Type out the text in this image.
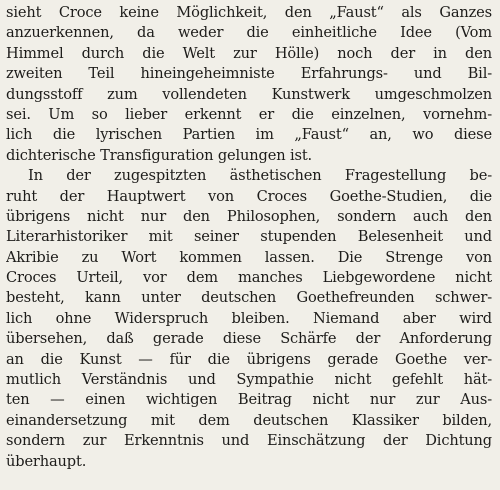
sieht Croce keine Möglichkeit, den „Faust“ als Ganzes
anzuerkennen, da weder die einheitliche Idee (Vom
Himmel durch die Welt zur Hölle) noch der in den
zweiten Teil hineingeheimniste Erfahrungs- und Bil-
dungsstoff zum vollendeten Kunstwerk umgeschmolzen
sei. Um so lieber erkennt er die einzelnen, vornehm-
lich die lyrischen Partien im „Faust“ an, wo diese
dichterische Transfiguration gelungen ist.
In der zugespitzten ästhetischen Fragestellung be-
ruht der Hauptwert von Croces Goethe-Studien, die
übrigens nicht nur den Philosophen, sondern auch den
Literarhistoriker mit seiner stupenden Belesenheit und
Akribie zu Wort kommen lassen. Die Strenge von
Croces Urteil, vor dem manches Liebgewordene nicht
besteht, kann unter deutschen Goethefreunden schwer-
lich ohne Widerspruch bleiben. Niemand aber wird
übersehen, daß gerade diese Schärfe der Anforderung
an die Kunst — für die übrigens gerade Goethe ver-
mutlich Verständnis und Sympathie nicht gefehlt hät-
ten — einen wichtigen Beitrag nicht nur zur Aus-
einandersetzung mit dem deutschen Klassiker bilden,
sondern zur Erkenntnis und Einschätzung der Dichtung
überhaupt.
